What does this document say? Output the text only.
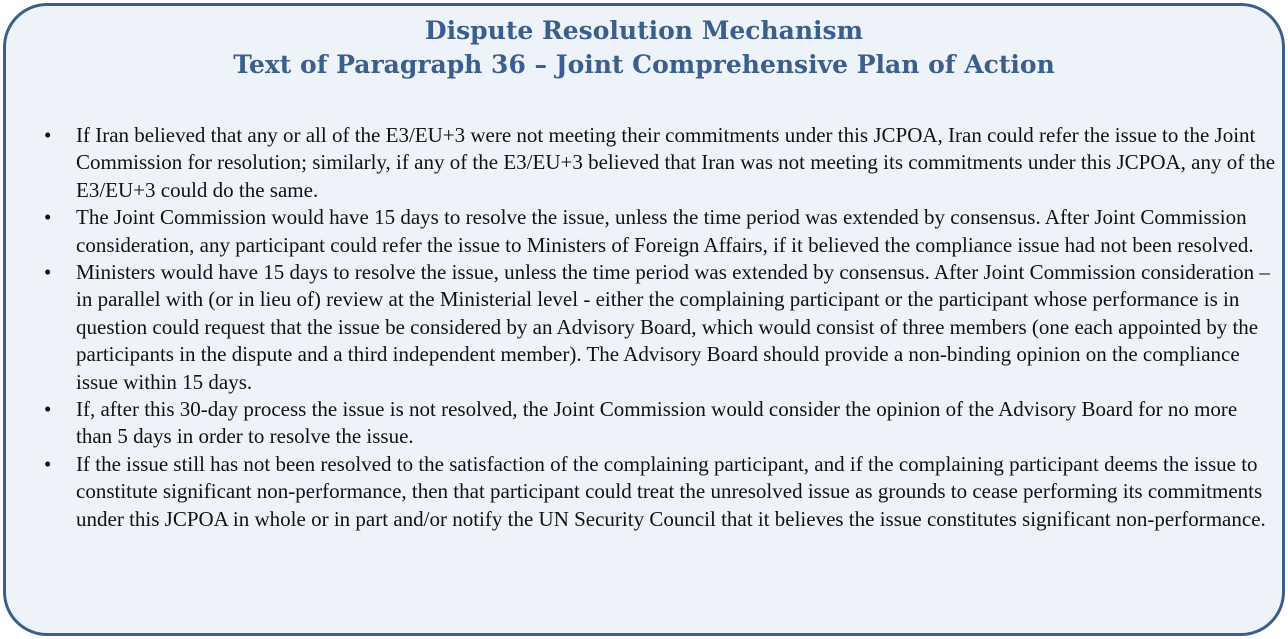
Dispute Resolution Mechanism
Text of Paragraph 36 – Joint Comprehensive Plan of Action
• If Iran believed that any or all of the E3/EU+3 were not meeting their commitments under this JCPOA, Iran could refer the issue to the Joint Commission for resolution; similarly, if any of the E3/EU+3 believed that Iran was not meeting its commitments under this JCPOA, any of the E3/EU+3 could do the same.
• The Joint Commission would have 15 days to resolve the issue, unless the time period was extended by consensus. After Joint Commission consideration, any participant could refer the issue to Ministers of Foreign Affairs, if it believed the compliance issue had not been resolved.
• Ministers would have 15 days to resolve the issue, unless the time period was extended by consensus. After Joint Commission consideration – in parallel with (or in lieu of) review at the Ministerial level - either the complaining participant or the participant whose performance is in question could request that the issue be considered by an Advisory Board, which would consist of three members (one each appointed by the participants in the dispute and a third independent member). The Advisory Board should provide a non-binding opinion on the compliance issue within 15 days.
• If, after this 30-day process the issue is not resolved, the Joint Commission would consider the opinion of the Advisory Board for no more than 5 days in order to resolve the issue.
• If the issue still has not been resolved to the satisfaction of the complaining participant, and if the complaining participant deems the issue to constitute significant non-performance, then that participant could treat the unresolved issue as grounds to cease performing its commitments under this JCPOA in whole or in part and/or notify the UN Security Council that it believes the issue constitutes significant non-performance.
